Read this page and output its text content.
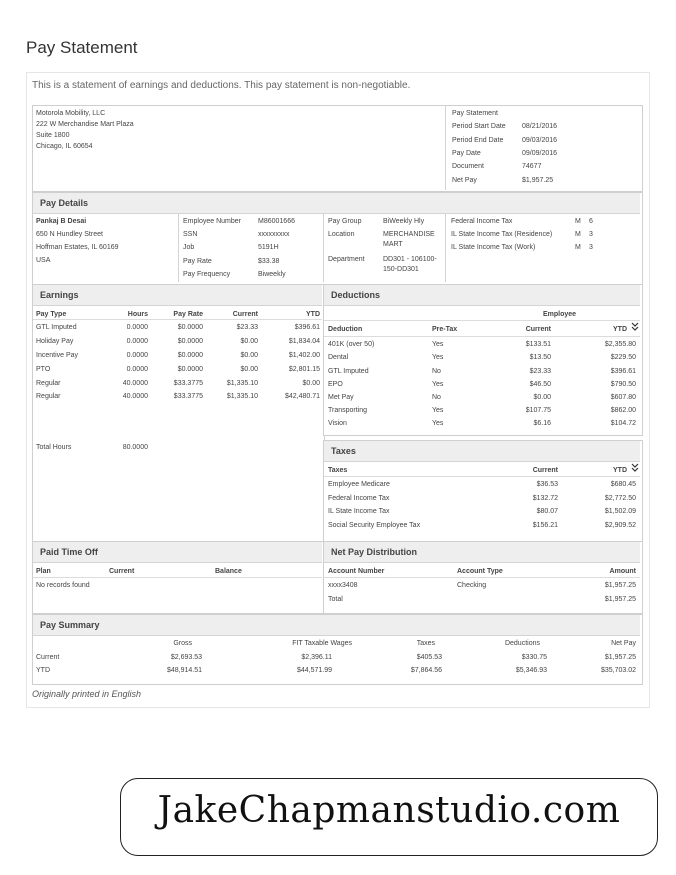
Pay Statement
This is a statement of earnings and deductions. This pay statement is non-negotiable.
Motorola Mobility, LLC
222 W Merchandise Mart Plaza
Suite 1800
Chicago, IL 60654
Pay Statement
Period Start Date 08/21/2016
Period End Date	09/03/2016
Pay Date	09/09/2016
Document	74677
Net Pay	$1,957.25
Pay Details
Pankaj B Desai
650 N Hundley Street
Hoffman Estates, IL 60169
USA
Employee Number M86001666
SSN	xxxxxxxxx
Job	5191H
Pay Rate	$33.38
Pay Frequency	Biweekly
Pay Group	BiWeekly Hly
Location	MERCHANDISE
MART
Department	DD301 - 106100-
150-DD301
Federal Income Tax	M 6
IL State Income Tax (Residence)	M 3
IL State Income Tax (Work)	M 3
Earnings
Pay Type	Hours	Pay Rate	Current	YTD
GTL Imputed	0.0000	$0.0000	$23.33	$396.61
Holiday Pay	0.0000	$0.0000	$0.00	$1,834.04
Incentive Pay	0.0000	$0.0000	$0.00	$1,402.00
PTO	0.0000	$0.0000	$0.00	$2,801.15
Regular	40.0000	$33.3775	$1,335.10	$0.00
Regular	40.0000	$33.3775	$1,335.10	$42,480.71
Total Hours	80.0000
Deductions
Employee
Deduction	Pre-Tax	Current	YTD
401K (over 50)	Yes	$133.51	$2,355.80
Dental	Yes	$13.50	$229.50
GTL Imputed	No	$23.33	$396.61
EPO	Yes	$46.50	$790.50
Met Pay	No	$0.00	$607.80
Transporting	Yes	$107.75	$862.00
Vision	Yes	$6.16	$104.72
Taxes
Taxes	Current	YTD
Employee Medicare	$36.53	$680.45
Federal Income Tax	$132.72	$2,772.50
IL State Income Tax	$80.07	$1,502.09
Social Security Employee Tax	$156.21	$2,909.52
Paid Time Off
Plan	Current	Balance
No records found
Net Pay Distribution
Account Number	Account Type	Amount
xxxx3408	Checking	$1,957.25
Total	$1,957.25
Pay Summary
Gross	FIT Taxable Wages	Taxes	Deductions	Net Pay
Current	$2,693.53	$2,396.11	$405.53	$330.75	$1,957.25
YTD	$48,914.51	$44,571.99	$7,864.56	$5,346.93	$35,703.02
Originally printed in English
JakeChapmanstudio.com
